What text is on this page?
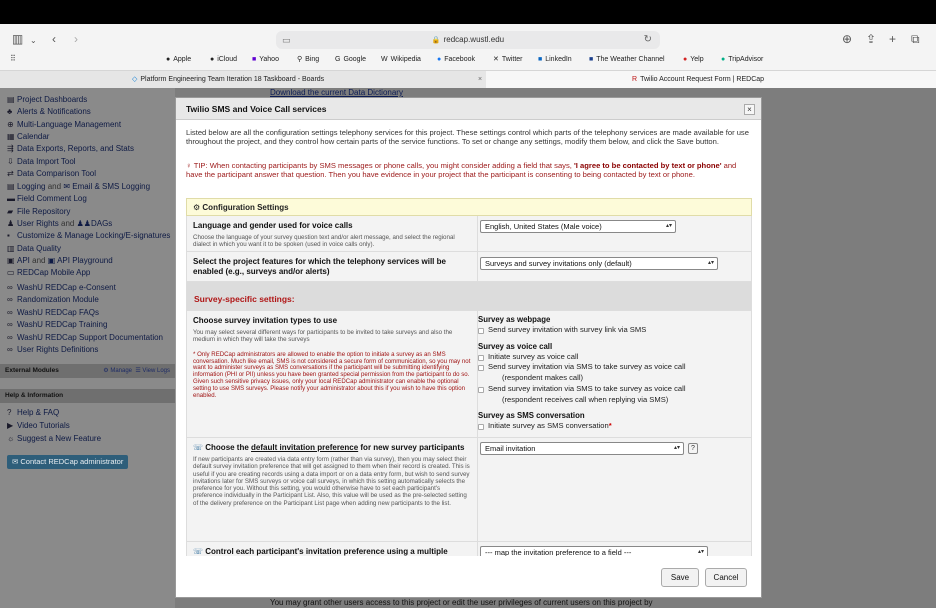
▥ ⌄ ‹ ›	▭	🔒 redcap.wustl.edu	↻	⊕ ⇪ + ⧉
⠿	● Apple	● iCloud ■ Yahoo	⚲ Bing G Google W Wikipedia ● Facebook	✕ Twitter ■ LinkedIn ■ The Weather Channel	● Yelp ● TripAdvisor
◇ Platform Engineering Team Iteration 18 Taskboard - Boards	×	R Twilio Account Request Form | REDCap
▤ Project Dashboards
♣ Alerts & Notifications
⊕ Multi-Language Management
▦ Calendar
⇶ Data Exports, Reports, and Stats
⇩ Data Import Tool
⇄ Data Comparison Tool
▤ Logging and ✉ Email & SMS Logging
▬ Field Comment Log
▰ File Repository
♟ User Rights and ♟♟DAGs
▪ Customize & Manage Locking/E-signatures
▥ Data Quality
▣ API and ▣ API Playground
▭ REDCap Mobile App
∞ WashU REDCap e-Consent
∞ Randomization Module
∞ WashU REDCap FAQs
∞ WashU REDCap Training
∞ WashU REDCap Support Documentation
∞ User Rights Definitions
External Modules	⚙ Manage ☰ View Logs
Help & Information
? Help & FAQ
▶ Video Tutorials
☼ Suggest a New Feature
✉ Contact REDCap administrator
Download the current Data Dictionary
You may grant other users access to this project or edit the user privileges of current users on this project by
Twilio SMS and Voice Call services	×
Listed below are all the configuration settings telephony services for this project. These settings control which parts of the telephony services are made available for use throughout the project, and they control how certain parts of the service functions. To set or change any settings, modify them below, and click the Save button.
♀ TIP: When contacting participants by SMS messages or phone calls, you might consider adding a field that says, 'I agree to be contacted by text or phone' and have the participant answer that question. Then you have evidence in your project that the participant is consenting to being contacted by text or phone.
⚙ Configuration Settings
Language and gender used for voice calls
Choose the language of your survey question text and/or alert message, and select the regional dialect in which you want it to be spoken (used in voice calls only).
English, United States (Male voice)	▴▾
Select the project features for which the telephony services will be enabled (e.g., surveys and/or alerts)
Surveys and survey invitations only (default)	▴▾
Survey-specific settings:
Choose survey invitation types to use
You may select several different ways for participants to be invited to take surveys and also the medium in which they will take the surveys
* Only REDCap administrators are allowed to enable the option to initiate a survey as an SMS conversation. Much like email, SMS is not considered a secure form of communication, so you may not want to administer surveys as SMS conversations if the participant will be submitting identifying information (PHI or PII) unless you have been granted special permission from the participant to do so. Given such sensitive privacy issues, only your local REDCap administrator can enable the optional setting to use SMS surveys. Please notify your administrator about this if you wish to have this option enabled.
Survey as webpage
Send survey invitation with survey link via SMS
Survey as voice call
Initiate survey as voice call
Send survey invitation via SMS to take survey as voice call
(respondent makes call)
Send survey invitation via SMS to take survey as voice call
(respondent receives call when replying via SMS)
Survey as SMS conversation
Initiate survey as SMS conversation*
☏ Choose the default invitation preference for new survey participants
If new participants are created via data entry form (rather than via survey), then you may select their default survey invitation preference that will get assigned to them when their record is created. This is useful if you are creating records using a data import or on a data entry form, but wish to send survey invitations later for SMS surveys or voice call surveys, in which this setting automatically selects the preference for you. Without this setting, you would otherwise have to set each participant's preference individually in the Participant List. Also, this value will be used as the pre-selected setting of the delivery preference on the Participant List page when adding new participants to the list.
Email invitation	▴▾	?
☏ Control each participant's invitation preference using a multiple	--- map the invitation preference to a field ---	▴▾
Save	Cancel
